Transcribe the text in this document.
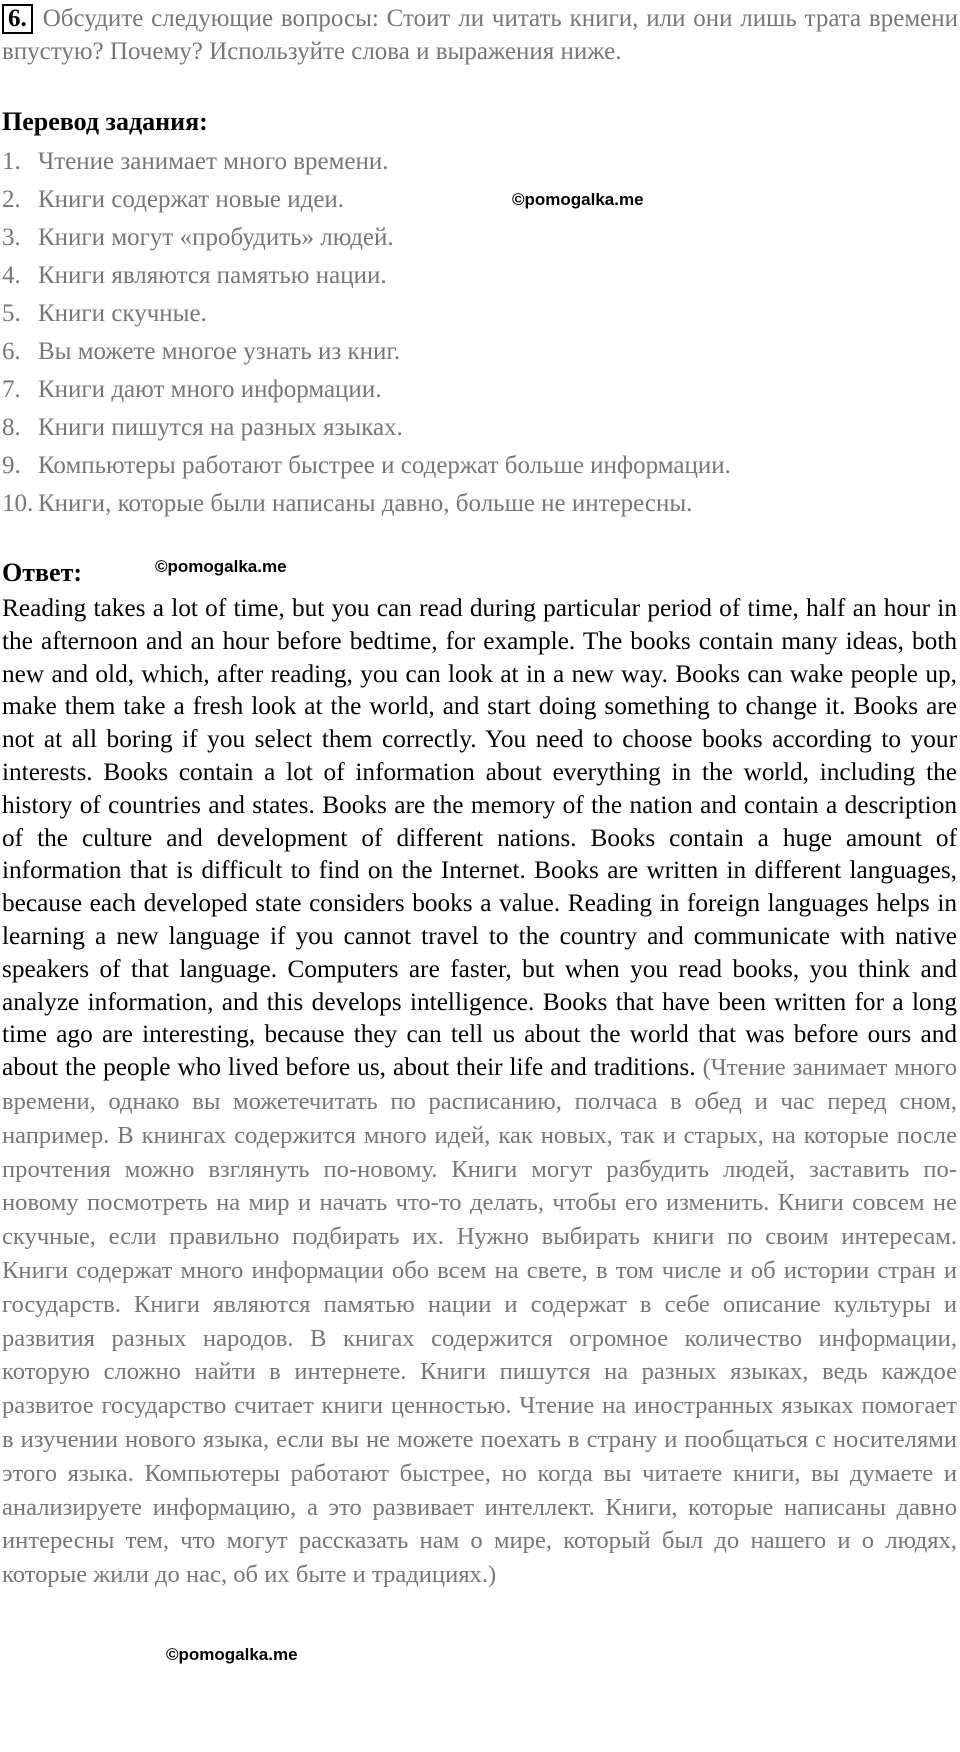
6. Обсудите следующие вопросы: Стоит ли читать книги, или они лишь трата времени впустую? Почему? Используйте слова и выражения ниже.
Перевод задания:
1. Чтение занимает много времени.
2. Книги содержат новые идеи.
3. Книги могут «пробудить» людей.
4. Книги являются памятью нации.
5. Книги скучные.
6. Вы можете многое узнать из книг.
7. Книги дают много информации.
8. Книги пишутся на разных языках.
9. Компьютеры работают быстрее и содержат больше информации.
10. Книги, которые были написаны давно, больше не интересны.
©pomogalka.me
Ответ:	©pomogalka.me
Reading takes a lot of time, but you can read during particular period of time, half an hour in the afternoon and an hour before bedtime, for example. The books contain many ideas, both new and old, which, after reading, you can look at in a new way. Books can wake people up, make them take a fresh look at the world, and start doing something to change it. Books are not at all boring if you select them correctly. You need to choose books according to your interests. Books contain a lot of information about everything in the world, including the history of countries and states. Books are the memory of the nation and contain a description of the culture and development of different nations. Books contain a huge amount of information that is difficult to find on the Internet. Books are written in different languages, because each developed state considers books a value. Reading in foreign languages helps in learning a new language if you cannot travel to the country and communicate with native speakers of that language. Computers are faster, but when you read books, you think and analyze information, and this develops intelligence. Books that have been written for a long time ago are interesting, because they can tell us about the world that was before ours and about the people who lived before us, about their life and traditions. (Чтение занимает много времени, однако вы можетечитать по расписанию, полчаса в обед и час перед сном, например. В кнингах содержится много идей, как новых, так и старых, на которые после прочтения можно взглянуть по-новому. Книги могут разбудить людей, заставить по-новому посмотреть на мир и начать что-то делать, чтобы его изменить. Книги совсем не скучные, если правильно подбирать их. Нужно выбирать книги по своим интересам. Книги содержат много информации обо всем на свете, в том числе и об истории стран и государств. Книги являются памятью нации и содержат в себе описание культуры и развития разных народов. В книгах содержится огромное количество информации, которую сложно найти в интернете. Книги пишутся на разных языках, ведь каждое развитое государство считает книги ценностью. Чтение на иностранных языках помогает в изучении нового языка, если вы не можете поехать в страну и пообщаться с носителями этого языка. Компьютеры работают быстрее, но когда вы читаете книги, вы думаете и анализируете информацию, а это развивает интеллект. Книги, которые написаны давно интересны тем, что могут рассказать нам о мире, который был до нашего и о людях, которые жили до нас, об их быте и традициях.)
©pomogalka.me
